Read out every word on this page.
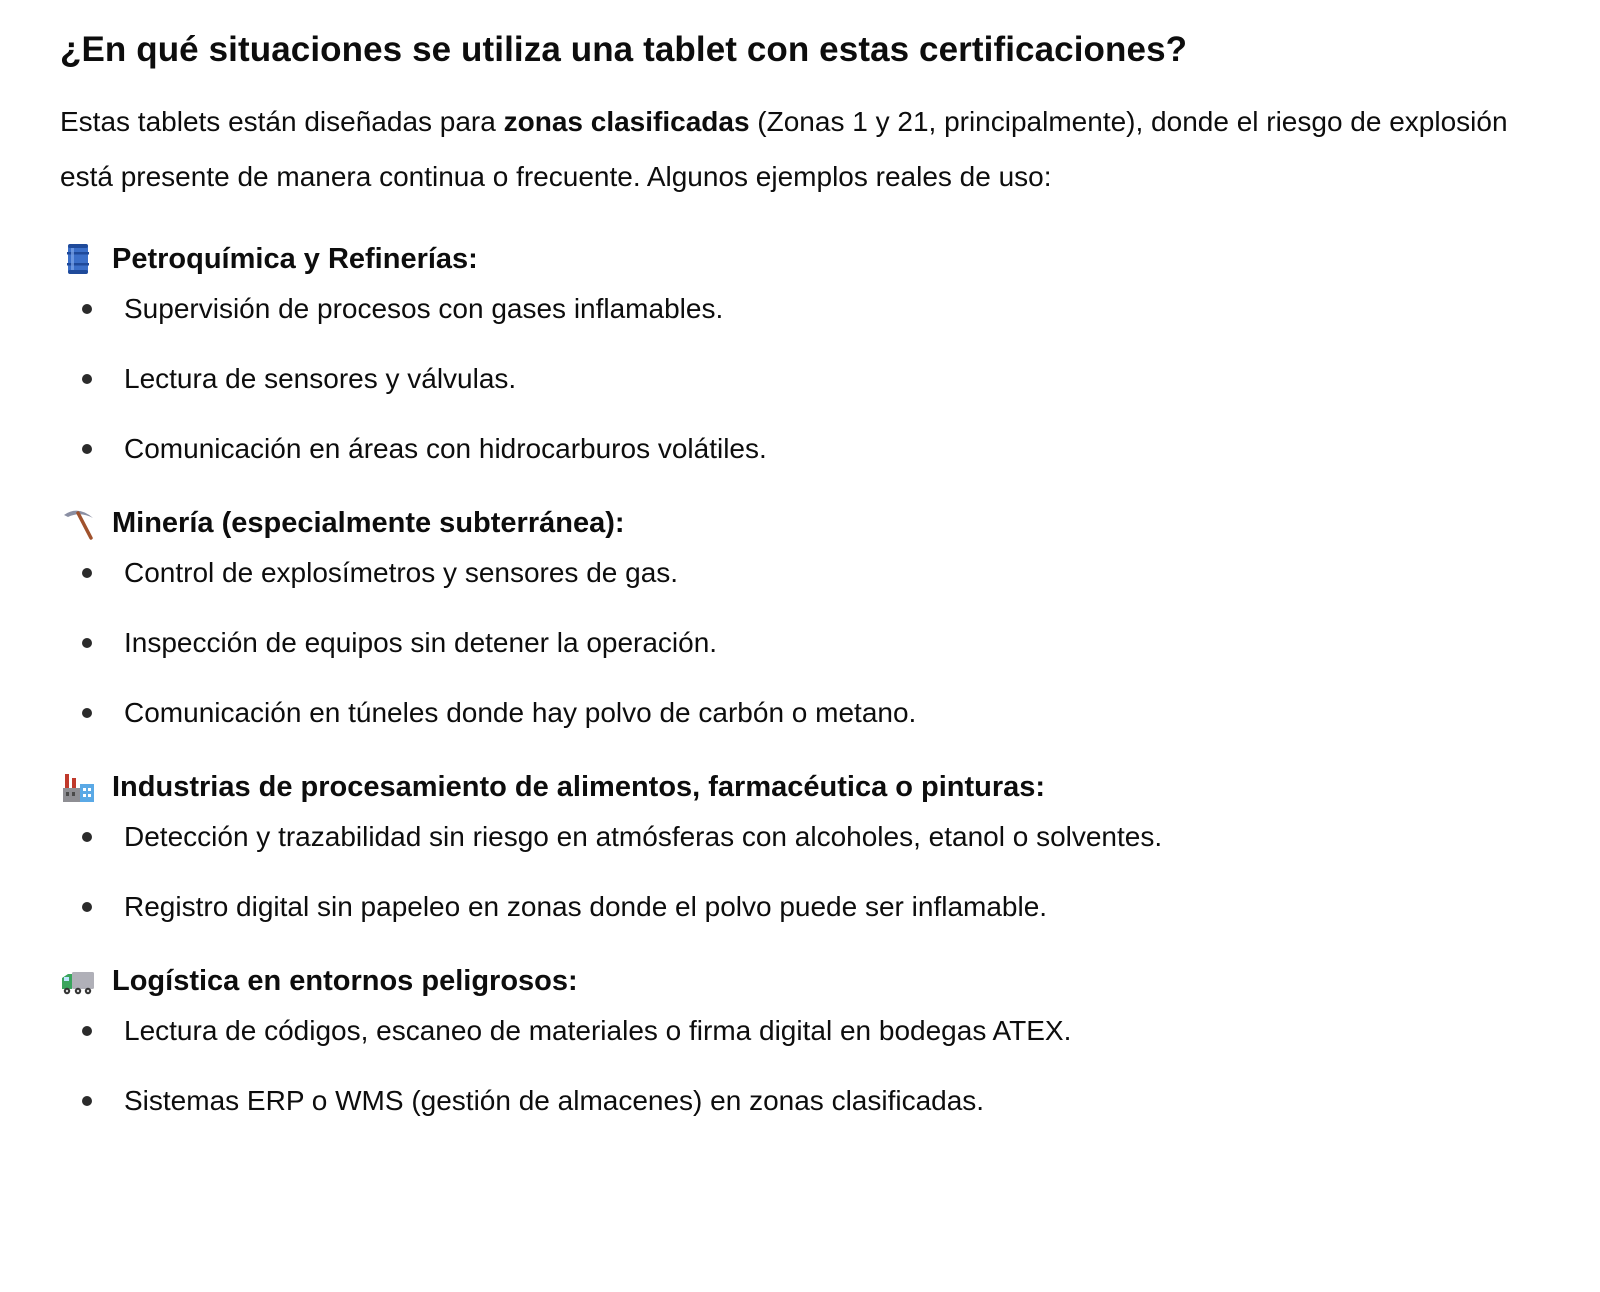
¿En qué situaciones se utiliza una tablet con estas certificaciones?

Estas tablets están diseñadas para zonas clasificadas (Zonas 1 y 21, principalmente), donde el riesgo de explosión está presente de manera continua o frecuente. Algunos ejemplos reales de uso:

Petroquímica y Refinerías:
Supervisión de procesos con gases inflamables.
Lectura de sensores y válvulas.
Comunicación en áreas con hidrocarburos volátiles.
Minería (especialmente subterránea):
Control de explosímetros y sensores de gas.
Inspección de equipos sin detener la operación.
Comunicación en túneles donde hay polvo de carbón o metano.
Industrias de procesamiento de alimentos, farmacéutica o pinturas:
Detección y trazabilidad sin riesgo en atmósferas con alcoholes, etanol o solventes.
Registro digital sin papeleo en zonas donde el polvo puede ser inflamable.
Logística en entornos peligrosos:
Lectura de códigos, escaneo de materiales o firma digital en bodegas ATEX.
Sistemas ERP o WMS (gestión de almacenes) en zonas clasificadas.
